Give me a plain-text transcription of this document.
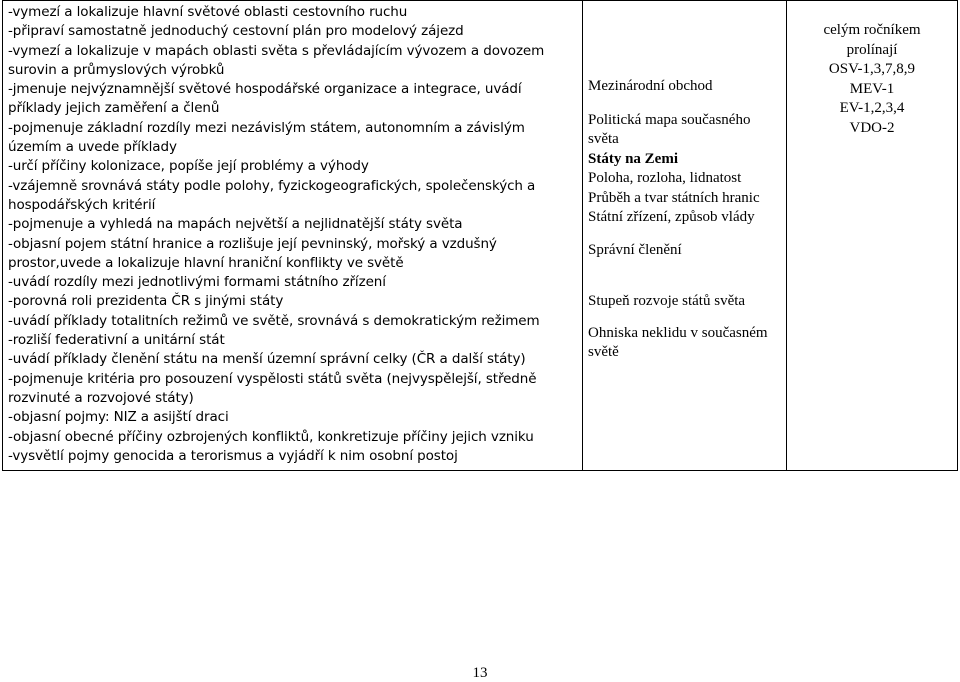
-vymezí a lokalizuje hlavní světové oblasti cestovního ruchu
-připraví samostatně jednoduchý cestovní plán pro modelový zájezd
-vymezí a lokalizuje v mapách oblasti světa s převládajícím vývozem a dovozem
surovin a průmyslových výrobků
-jmenuje nejvýznamnější světové hospodářské organizace a integrace, uvádí
příklady jejich zaměření a členů
-pojmenuje základní rozdíly mezi nezávislým státem, autonomním a závislým
územím a uvede příklady
-určí příčiny kolonizace, popíše její problémy a výhody
-vzájemně srovnává státy podle polohy, fyzickogeografických, společenských a
hospodářských kritérií
-pojmenuje a vyhledá na mapách největší a nejlidnatější státy světa
-objasní pojem státní hranice a rozlišuje její pevninský, mořský a vzdušný
prostor,uvede a lokalizuje hlavní hraniční konflikty ve světě
-uvádí rozdíly mezi jednotlivými formami státního zřízení
-porovná roli prezidenta ČR s jinými státy
-uvádí příklady totalitních režimů ve světě, srovnává s demokratickým režimem
-rozliší federativní a unitární stát
-uvádí příklady členění státu na menší územní správní celky (ČR a další státy)
-pojmenuje kritéria pro posouzení vyspělosti států světa (nejvyspělejší, středně
rozvinuté a rozvojové státy)
-objasní pojmy: NIZ a asijští draci
-objasní obecné příčiny ozbrojených konfliktů, konkretizuje příčiny jejich vzniku
-vysvětlí pojmy genocida a terorismus a vyjádří k nim osobní postoj

Mezinárodní obchod
Politická mapa současného
světa
Státy na Zemi
Poloha, rozloha, lidnatost
Průběh a tvar státních hranic
Státní zřízení, způsob vlády
Správní členění
Stupeň rozvoje států světa
Ohniska neklidu v současném
světě

celým ročníkem
prolínají
OSV-1,3,7,8,9
MEV-1
EV-1,2,3,4
VDO-2
13
